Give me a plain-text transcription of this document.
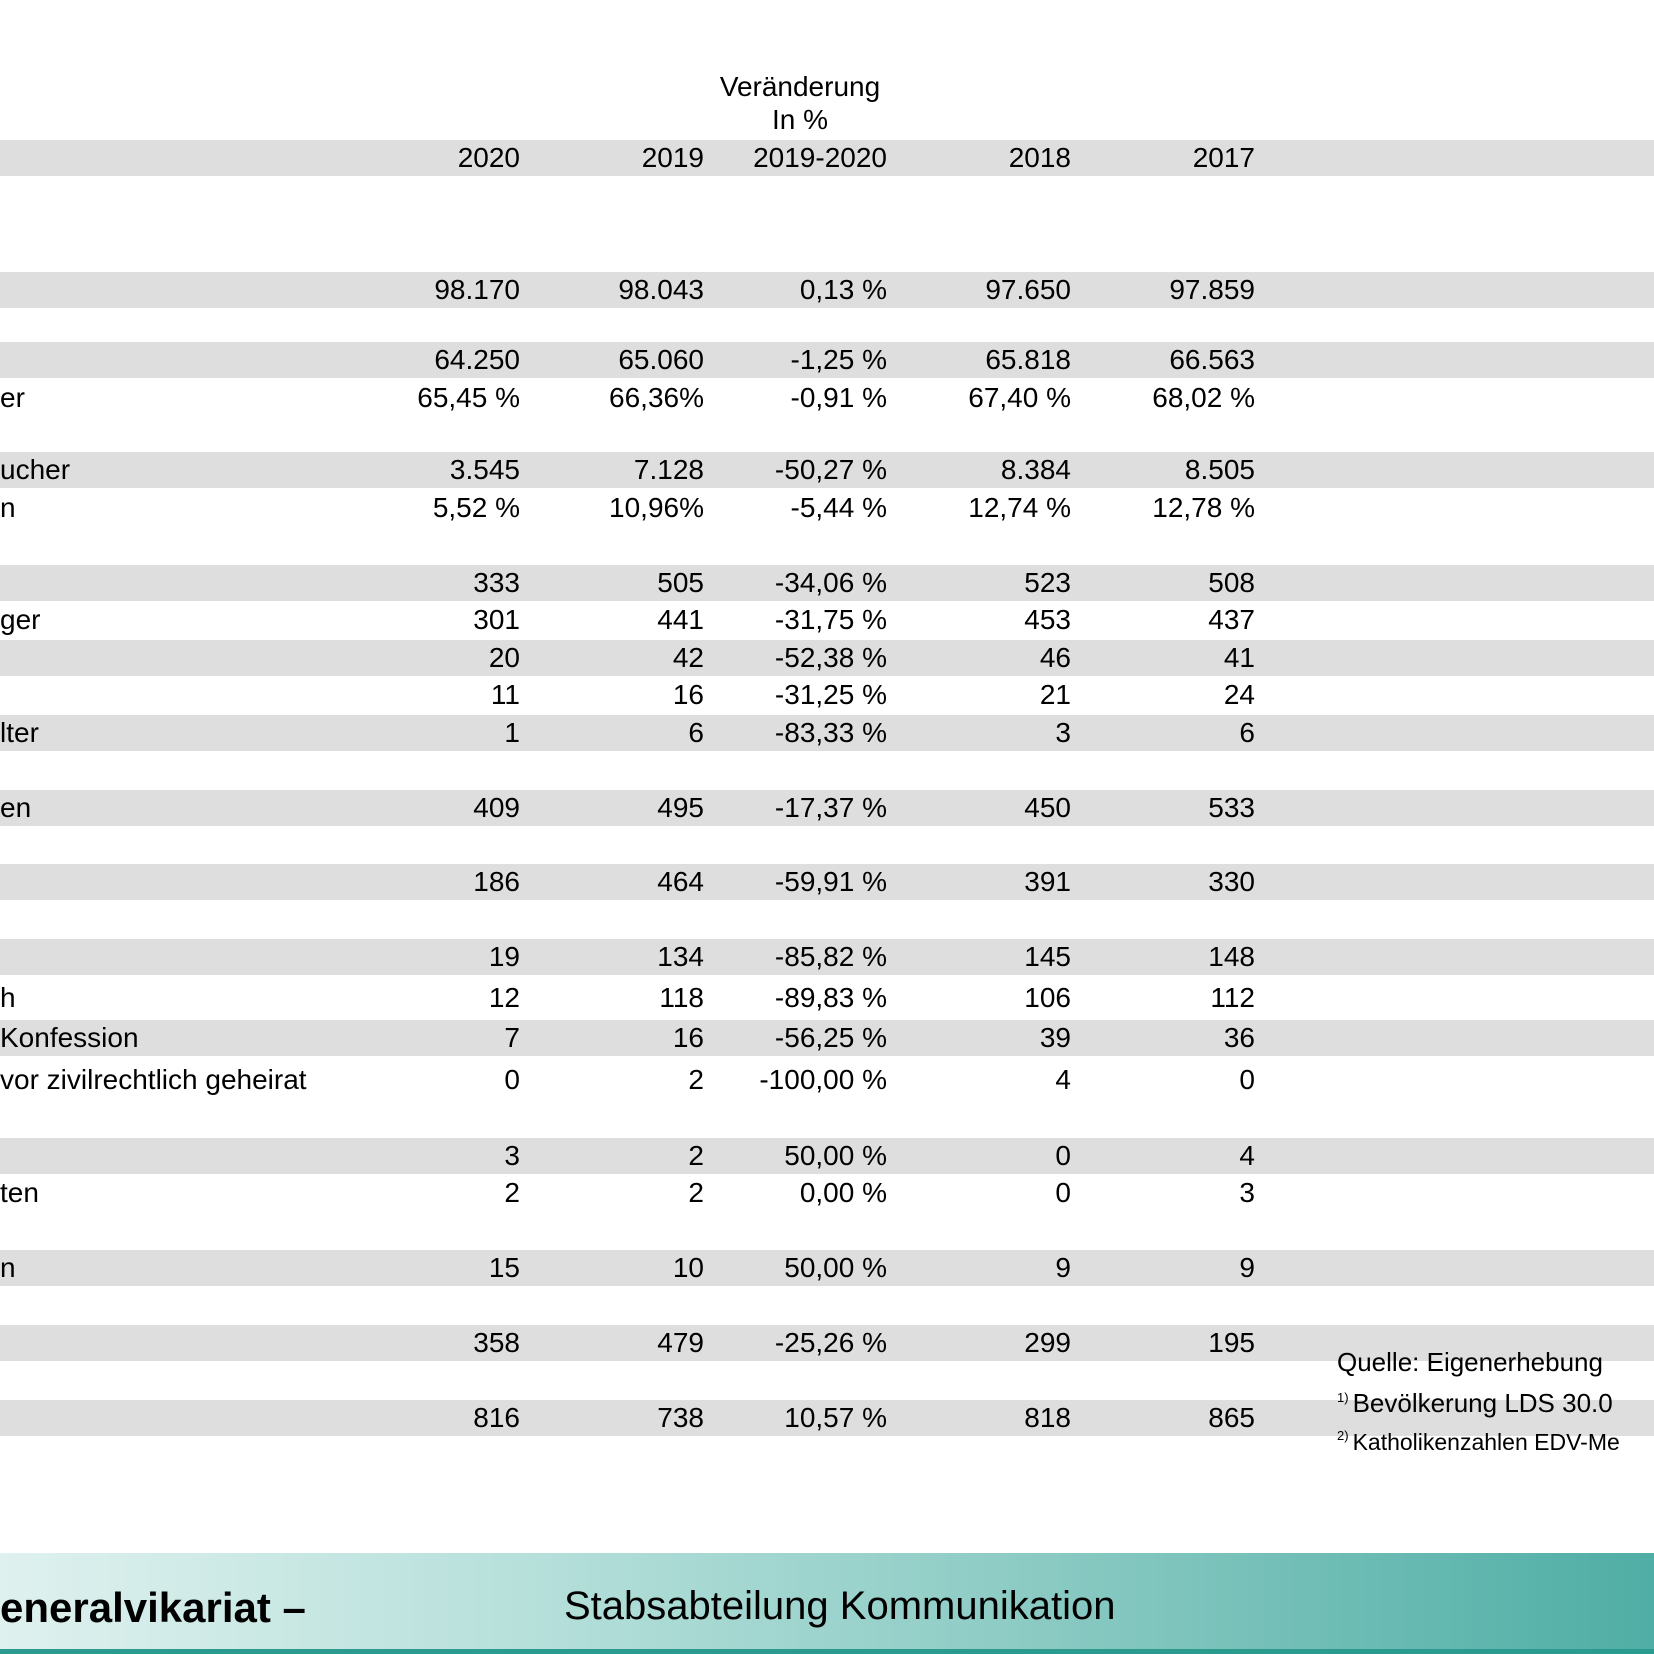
Veränderung
In %
2020	2019	2019-2020	2018	2017
98.170	98.043	0,13 %	97.650	97.859
64.250	65.060	-1,25 %	65.818	66.563
er	65,45 %	66,36%	-0,91 %	67,40 %	68,02 %
ucher	3.545	7.128	-50,27 %	8.384	8.505
n	5,52 %	10,96%	-5,44 %	12,74 %	12,78 %
333	505	-34,06 %	523	508
ger	301	441	-31,75 %	453	437
20	42	-52,38 %	46	41
11	16	-31,25 %	21	24
lter	1	6	-83,33 %	3	6
en	409	495	-17,37 %	450	533
186	464	-59,91 %	391	330
19	134	-85,82 %	145	148
h	12	118	-89,83 %	106	112
Konfession	7	16	-56,25 %	39	36
vor zivilrechtlich geheirat	0	2	-100,00 %	4	0
3	2	50,00 %	0	4
ten	2	2	0,00 %	0	3
n	15	10	50,00 %	9	9
358	479	-25,26 %	299	195
816	738	10,57 %	818	865
Quelle: Eigenerhebung
$^{1)}$ Bevölkerung LDS 30.0
$^{2)}$ Katholikenzahlen EDV-Me
eneralvikariat –	Stabsabteilung Kommunikation
